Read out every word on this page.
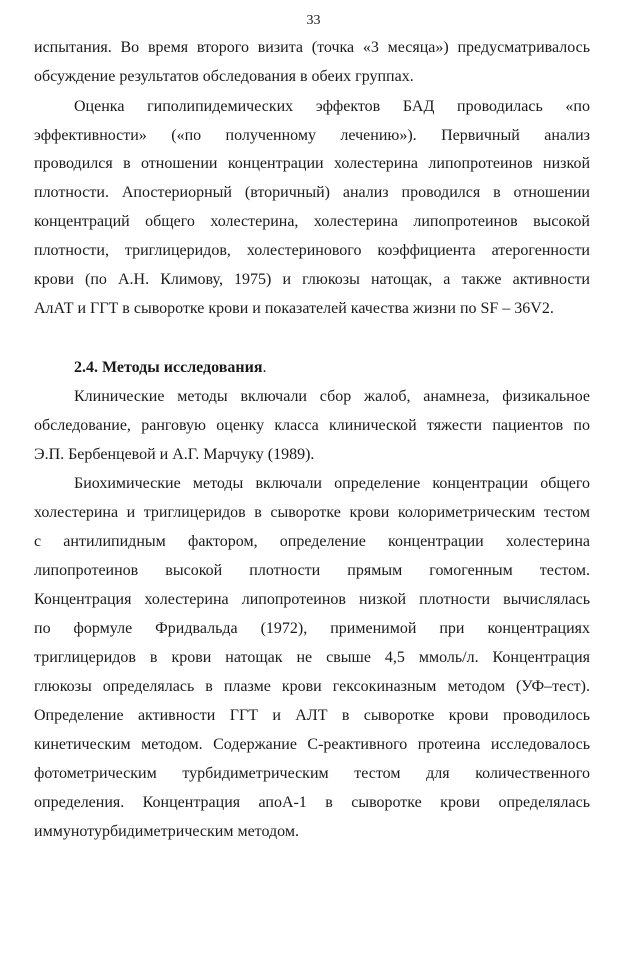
33
испытания. Во время второго визита (точка «3 месяца») предусматривалось
обсуждение результатов обследования в обеих группах.
Оценка гиполипидемических эффектов БАД проводилась «по
эффективности» («по полученному лечению»). Первичный анализ
проводился в отношении концентрации холестерина липопротеинов низкой
плотности. Апостериорный (вторичный) анализ проводился в отношении
концентраций общего холестерина, холестерина липопротеинов высокой
плотности, триглицеридов, холестеринового коэффициента атерогенности
крови (по А.Н. Климову, 1975) и глюкозы натощак, а также активности
АлАТ и ГГТ в сыворотке крови и показателей качества жизни по SF – 36V2.
2.4. Методы исследования.
Клинические методы включали сбор жалоб, анамнеза, физикальное
обследование, ранговую оценку класса клинической тяжести пациентов по
Э.П. Бербенцевой и А.Г. Марчуку (1989).
Биохимические методы включали определение концентрации общего
холестерина и триглицеридов в сыворотке крови колориметрическим тестом
с антилипидным фактором, определение концентрации холестерина
липопротеинов высокой плотности прямым гомогенным тестом.
Концентрация холестерина липопротеинов низкой плотности вычислялась
по формуле Фридвальда (1972), применимой при концентрациях
триглицеридов в крови натощак не свыше 4,5 ммоль/л. Концентрация
глюкозы определялась в плазме крови гексокиназным методом (УФ–тест).
Определение активности ГГТ и АЛТ в сыворотке крови проводилось
кинетическим методом. Содержание С-реактивного протеина исследовалось
фотометрическим турбидиметрическим тестом для количественного
определения. Концентрация апоА-1 в сыворотке крови определялась
иммунотурбидиметрическим методом.
